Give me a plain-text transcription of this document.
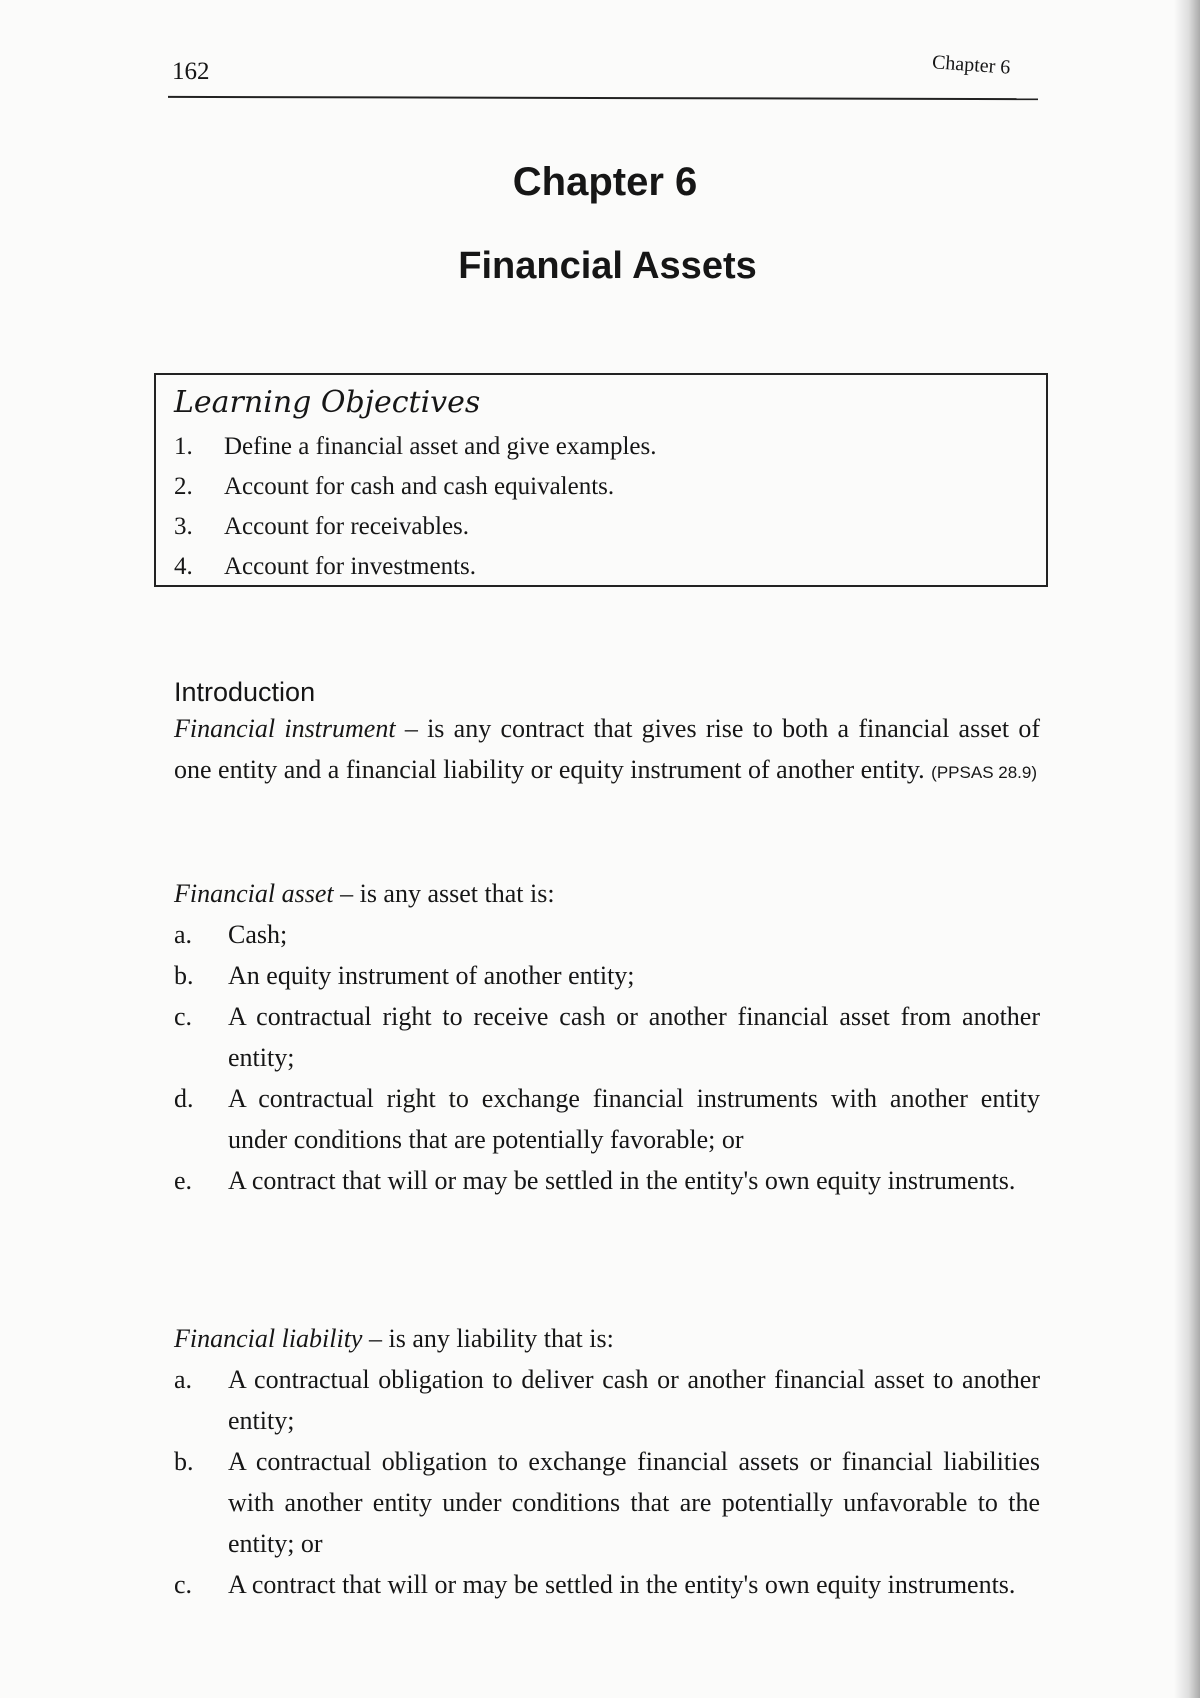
162	Chapter 6
Chapter 6
Financial Assets
Learning Objectives
1. Define a financial asset and give examples.
2. Account for cash and cash equivalents.
3. Account for receivables.
4. Account for investments.
Introduction
Financial instrument – is any contract that gives rise to both a financial asset of one entity and a financial liability or equity instrument of another entity. (PPSAS 28.9)
Financial asset – is any asset that is:
a. Cash;
b. An equity instrument of another entity;
c. A contractual right to receive cash or another financial asset from another entity;
d. A contractual right to exchange financial instruments with another entity under conditions that are potentially favorable; or
e. A contract that will or may be settled in the entity's own equity instruments.
Financial liability – is any liability that is:
a. A contractual obligation to deliver cash or another financial asset to another entity;
b. A contractual obligation to exchange financial assets or financial liabilities with another entity under conditions that are potentially unfavorable to the entity; or
c. A contract that will or may be settled in the entity's own equity instruments.
